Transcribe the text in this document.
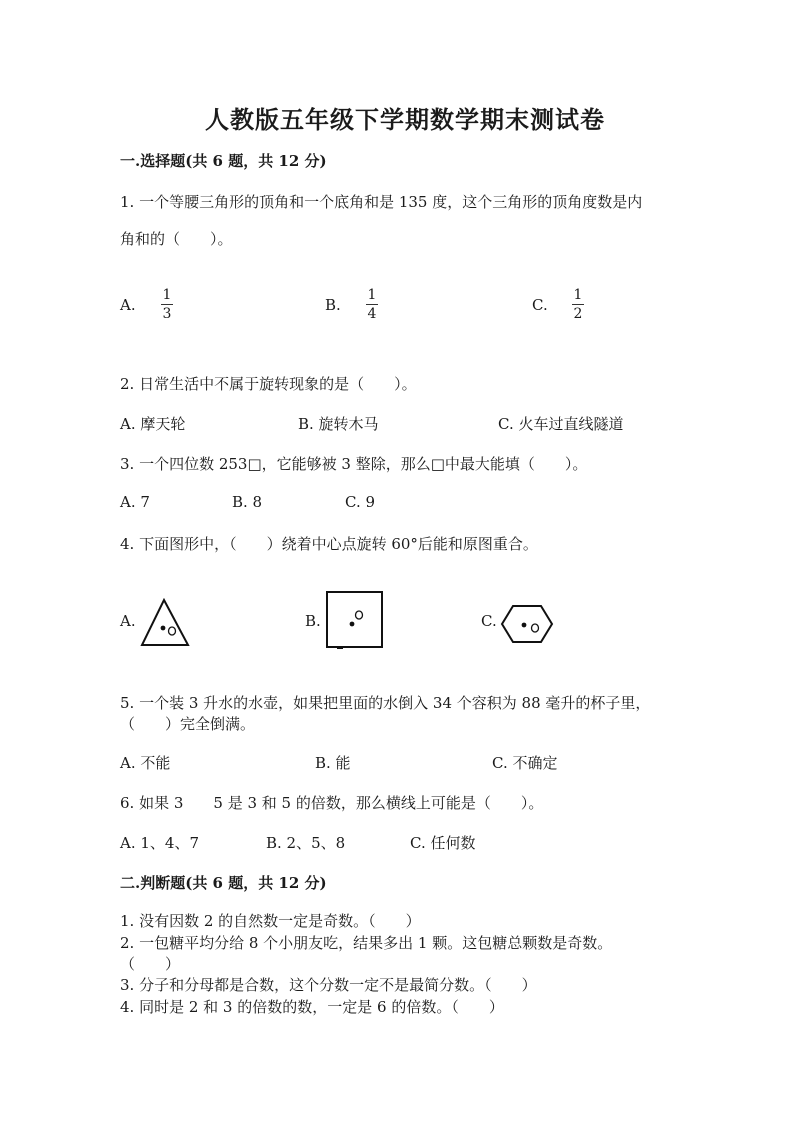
人教版五年级下学期数学期末测试卷
一.选择题(共 6 题，共 12 分)
1. 一个等腰三角形的顶角和一个底角和是 135 度，这个三角形的顶角度数是内
角和的（　　）。
A.
1
3	B.
1
4	C.
1
2
2. 日常生活中不属于旋转现象的是（　　）。
A. 摩天轮	B. 旋转木马	C. 火车过直线隧道
3. 一个四位数 253□，它能够被 3 整除，那么□中最大能填（　　）。
A. 7	B. 8	C. 9
4. 下面图形中，（　　）绕着中心点旋转 60°后能和原图重合。
A.	B.	C.
5. 一个装 3 升水的水壶，如果把里面的水倒入 34 个容积为 88 毫升的杯子里，
（　　）完全倒满。
A. 不能	B. 能	C. 不确定
6. 如果 3　　5 是 3 和 5 的倍数，那么横线上可能是（　　）。
A. 1、4、7	B. 2、5、8	C. 任何数
二.判断题(共 6 题，共 12 分)
1. 没有因数 2 的自然数一定是奇数。（　　）
2. 一包糖平均分给 8 个小朋友吃，结果多出 1 颗。这包糖总颗数是奇数。
（　　）
3. 分子和分母都是合数，这个分数一定不是最简分数。（　　）
4. 同时是 2 和 3 的倍数的数，一定是 6 的倍数。（　　）
